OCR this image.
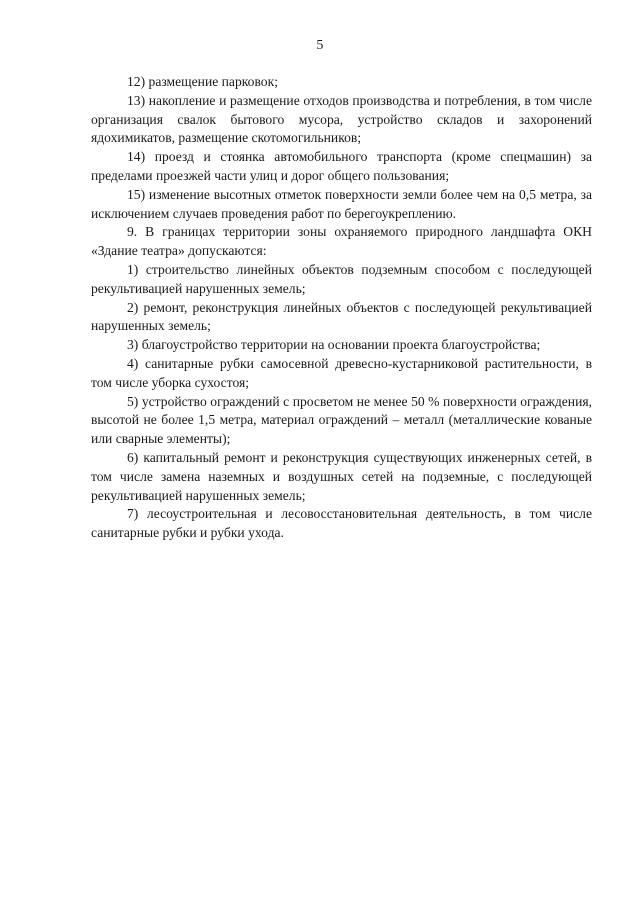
5

12) размещение парковок;

13) накопление и размещение отходов производства и потребления, в том числе организация свалок бытового мусора, устройство складов и захоронений ядохимикатов, размещение скотомогильников;

14) проезд и стоянка автомобильного транспорта (кроме спецмашин) за пределами проезжей части улиц и дорог общего пользования;

15) изменение высотных отметок поверхности земли более чем на 0,5 метра, за исключением случаев проведения работ по берегоукреплению.

9. В границах территории зоны охраняемого природного ландшафта ОКН «Здание театра» допускаются:

1) строительство линейных объектов подземным способом с последующей рекультивацией нарушенных земель;

2) ремонт, реконструкция линейных объектов с последующей рекультивацией нарушенных земель;

3) благоустройство территории на основании проекта благоустройства;

4) санитарные рубки самосевной древесно-кустарниковой растительности, в том числе уборка сухостоя;

5) устройство ограждений с просветом не менее 50 % поверхности ограждения, высотой не более 1,5 метра, материал ограждений – металл (металлические кованые или сварные элементы);

6) капитальный ремонт и реконструкция существующих инженерных сетей, в том числе замена наземных и воздушных сетей на подземные, с последующей рекультивацией нарушенных земель;

7) лесоустроительная и лесовосстановительная деятельность, в том числе санитарные рубки и рубки ухода.
